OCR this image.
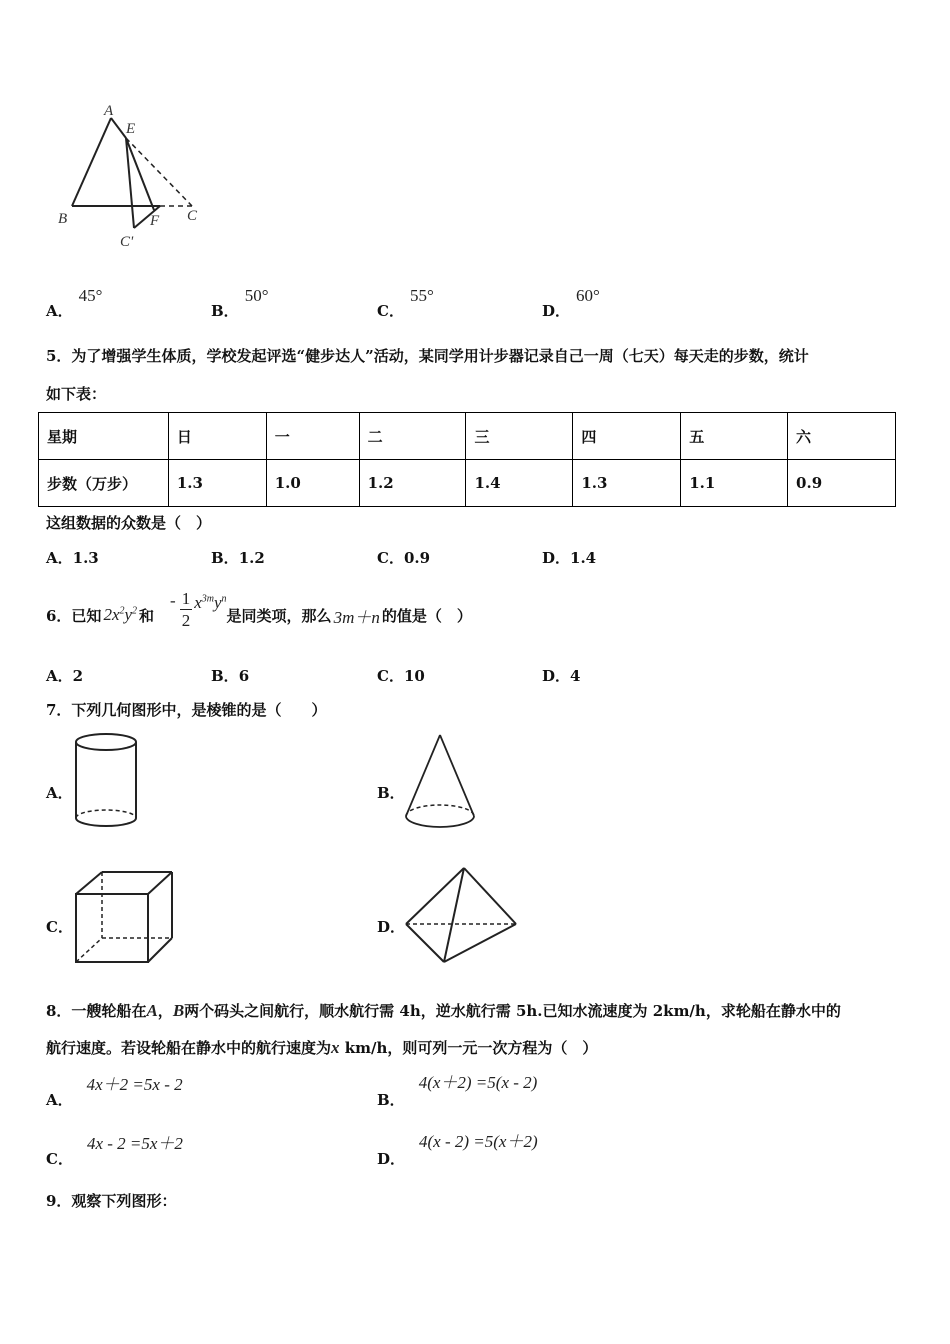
A
E
B	C
C'
F
A．45°
B．50°
C．55°
D．60°
5．为了增强学生体质，学校发起评选“健步达人”活动，某同学用计步器记录自己一周（七天）每天走的步数，统计
如下表：
星期	日	一	二	三	四	五	六
步数（万步）	1.3	1.0	1.2	1.4	1.3	1.1	0.9
这组数据的众数是（　）
A．1.3	B．1.2	C．0.9	D．1.4
6．已知 $2x^2y^2$ 和
- $\frac{1}{2} x^{3m}y^n$
是同类项，那么 3m＋n 的值是（　）
A．2	B．6	C．10	D．4
7．下列几何图形中，是棱锥的是（　　）
A．	B．
C．	D．
8．一艘轮船在A，B两个码头之间航行，顺水航行需 4h，逆水航行需 5h.已知水流速度为 2km/h，求轮船在静水中的
航行速度。若设轮船在静水中的航行速度为x km/h，则可列一元一次方程为（　）
A．4x＋2 =5x - 2
B．4(x＋2) =5(x - 2)
C．4x - 2 =5x＋2
D．4(x - 2) =5(x＋2)
9．观察下列图形：
